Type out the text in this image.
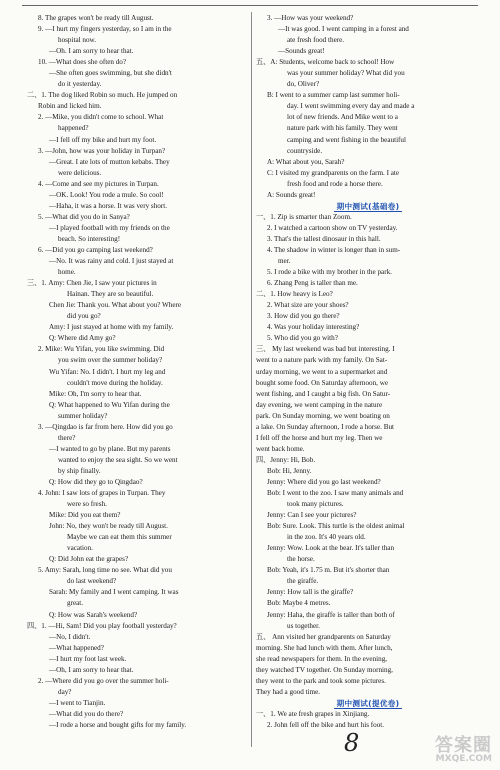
8. The grapes won't be ready till August.
9. —I hurt my fingers yesterday, so I am in the
hospital now.
—Oh. I am sorry to hear that.
10. —What does she often do?
—She often goes swimming, but she didn't
do it yesterday.
二、1. The dog liked Robin so much. He jumped on
Robin and licked him.
2. —Mike, you didn't come to school. What
happened?
—I fell off my bike and hurt my foot.
3. —John, how was your holiday in Turpan?
—Great. I ate lots of mutton kebabs. They
were delicious.
4. —Come and see my pictures in Turpan.
—OK. Look! You rode a mule. So cool!
—Haha, it was a horse. It was very short.
5. —What did you do in Sanya?
—I played football with my friends on the
beach. So interesting!
6. —Did you go camping last weekend?
—No. It was rainy and cold. I just stayed at
home.
三、1. Amy: Chen Jie, I saw your pictures in
Hainan. They are so beautiful.
Chen Jie: Thank you. What about you? Where
did you go?
Amy: I just stayed at home with my family.
Q: Where did Amy go?
2. Mike: Wu Yifan, you like swimming. Did
you swim over the summer holiday?
Wu Yifan: No. I didn't. I hurt my leg and
couldn't move during the holiday.
Mike: Oh, I'm sorry to hear that.
Q: What happened to Wu Yifan during the
summer holiday?
3. —Qingdao is far from here. How did you go
there?
—I wanted to go by plane. But my parents
wanted to enjoy the sea sight. So we went
by ship finally.
Q: How did they go to Qingdao?
4. John: I saw lots of grapes in Turpan. They
were so fresh.
Mike: Did you eat them?
John: No, they won't be ready till August.
Maybe we can eat them this summer
vacation.
Q: Did John eat the grapes?
5. Amy: Sarah, long time no see. What did you
do last weekend?
Sarah: My family and I went camping. It was
great.
Q: How was Sarah's weekend?
四、1. —Hi, Sam! Did you play football yesterday?
—No, I didn't.
—What happened?
—I hurt my foot last week.
—Oh, I am sorry to hear that.
2. —Where did you go over the summer holi-
day?
—I went to Tianjin.
—What did you do there?
—I rode a horse and bought gifts for my family.
3. —How was your weekend?
—It was good. I went camping in a forest and
ate fresh food there.
—Sounds great!
五、A: Students, welcome back to school! How
was your summer holiday? What did you
do, Oliver?
B: I went to a summer camp last summer holi-
day. I went swimming every day and made a
lot of new friends. And Mike went to a
nature park with his family. They went
camping and went fishing in the beautiful
countryside.
A: What about you, Sarah?
C: I visited my grandparents on the farm. I ate
fresh food and rode a horse there.
A: Sounds great!
期中测试(基础卷)
一、1. Zip is smarter than Zoom.
2. I watched a cartoon show on TV yesterday.
3. That's the tallest dinosaur in this hall.
4. The shadow in winter is longer than in sum-
mer.
5. I rode a bike with my brother in the park.
6. Zhang Peng is taller than me.
二、1. How heavy is Leo?
2. What size are your shoes?
3. How did you go there?
4. Was your holiday interesting?
5. Who did you go with?
三、 My last weekend was bad but interesting. I
went to a nature park with my family. On Sat-
urday morning, we went to a supermarket and
bought some food. On Saturday afternoon, we
went fishing, and I caught a big fish. On Satur-
day evening, we went camping in the nature
park. On Sunday morning, we went boating on
a lake. On Sunday afternoon, I rode a horse. But
I fell off the horse and hurt my leg. Then we
went back home.
四、Jenny: Hi, Bob.
Bob: Hi, Jenny.
Jenny: Where did you go last weekend?
Bob: I went to the zoo. I saw many animals and
took many pictures.
Jenny: Can I see your pictures?
Bob: Sure. Look. This turtle is the oldest animal
in the zoo. It's 40 years old.
Jenny: Wow. Look at the bear. It's taller than
the horse.
Bob: Yeah, it's 1.75 m. But it's shorter than
the giraffe.
Jenny: How tall is the giraffe?
Bob: Maybe 4 metres.
Jenny: Haha, the giraffe is taller than both of
us together.
五、 Ann visited her grandparents on Saturday
morning. She had lunch with them. After lunch,
she read newspapers for them. In the evening,
they watched TV together. On Sunday morning,
they went to the park and took some pictures.
They had a good time.
期中测试(提优卷)
一、1. We ate fresh grapes in Xinjiang.
2. John fell off the bike and hurt his foot.
8	答案圈
MXQE.COM
